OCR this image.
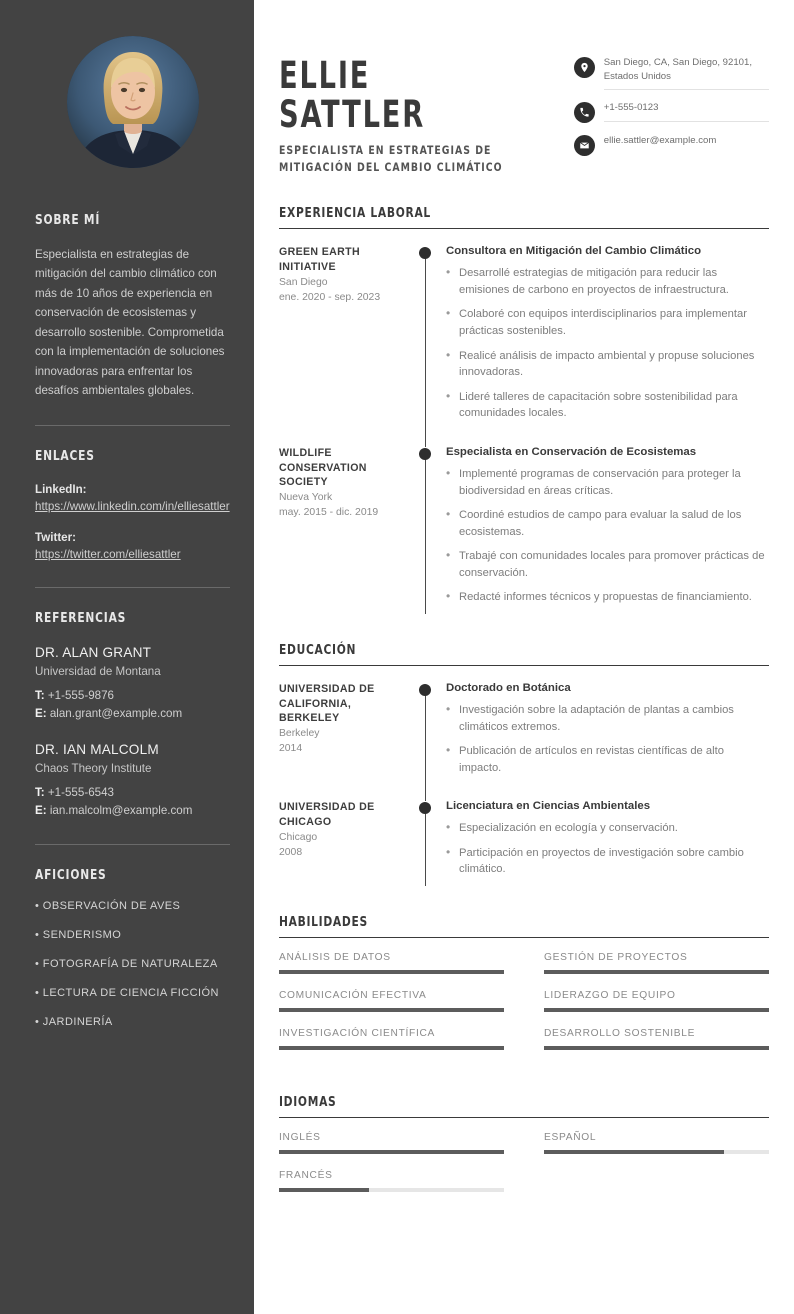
SOBRE MÍ
Especialista en estrategias de mitigación del cambio climático con más de 10 años de experiencia en conservación de ecosistemas y desarrollo sostenible. Comprometida con la implementación de soluciones innovadoras para enfrentar los desafíos ambientales globales.
ENLACES
LinkedIn:
https://www.linkedin.com/in/elliesattler
Twitter:
https://twitter.com/elliesattler
REFERENCIAS
DR. ALAN GRANT
Universidad de Montana
T: +1-555-9876
E: alan.grant@example.com
DR. IAN MALCOLM
Chaos Theory Institute
T: +1-555-6543
E: ian.malcolm@example.com
AFICIONES
• OBSERVACIÓN DE AVES
• SENDERISMO
• FOTOGRAFÍA DE NATURALEZA
• LECTURA DE CIENCIA FICCIÓN
• JARDINERÍA
ELLIE
SATTLER
ESPECIALISTA EN ESTRATEGIAS DE MITIGACIÓN DEL CAMBIO CLIMÁTICO
San Diego, CA, San Diego, 92101, Estados Unidos
+1-555-0123
ellie.sattler@example.com
EXPERIENCIA LABORAL
GREEN EARTH INITIATIVE
San Diego
ene. 2020 - sep. 2023
Consultora en Mitigación del Cambio Climático
• Desarrollé estrategias de mitigación para reducir las emisiones de carbono en proyectos de infraestructura.
• Colaboré con equipos interdisciplinarios para implementar prácticas sostenibles.
• Realicé análisis de impacto ambiental y propuse soluciones innovadoras.
• Lideré talleres de capacitación sobre sostenibilidad para comunidades locales.
WILDLIFE CONSERVATION SOCIETY
Nueva York
may. 2015 - dic. 2019
Especialista en Conservación de Ecosistemas
• Implementé programas de conservación para proteger la biodiversidad en áreas críticas.
• Coordiné estudios de campo para evaluar la salud de los ecosistemas.
• Trabajé con comunidades locales para promover prácticas de conservación.
• Redacté informes técnicos y propuestas de financiamiento.
EDUCACIÓN
UNIVERSIDAD DE CALIFORNIA, BERKELEY
Berkeley
2014
Doctorado en Botánica
• Investigación sobre la adaptación de plantas a cambios climáticos extremos.
• Publicación de artículos en revistas científicas de alto impacto.
UNIVERSIDAD DE CHICAGO
Chicago
2008
Licenciatura en Ciencias Ambientales
• Especialización en ecología y conservación.
• Participación en proyectos de investigación sobre cambio climático.
HABILIDADES
ANÁLISIS DE DATOS	GESTIÓN DE PROYECTOS
COMUNICACIÓN EFECTIVA	LIDERAZGO DE EQUIPO
INVESTIGACIÓN CIENTÍFICA	DESARROLLO SOSTENIBLE
IDIOMAS
INGLÉS	ESPAÑOL
FRANCÉS
